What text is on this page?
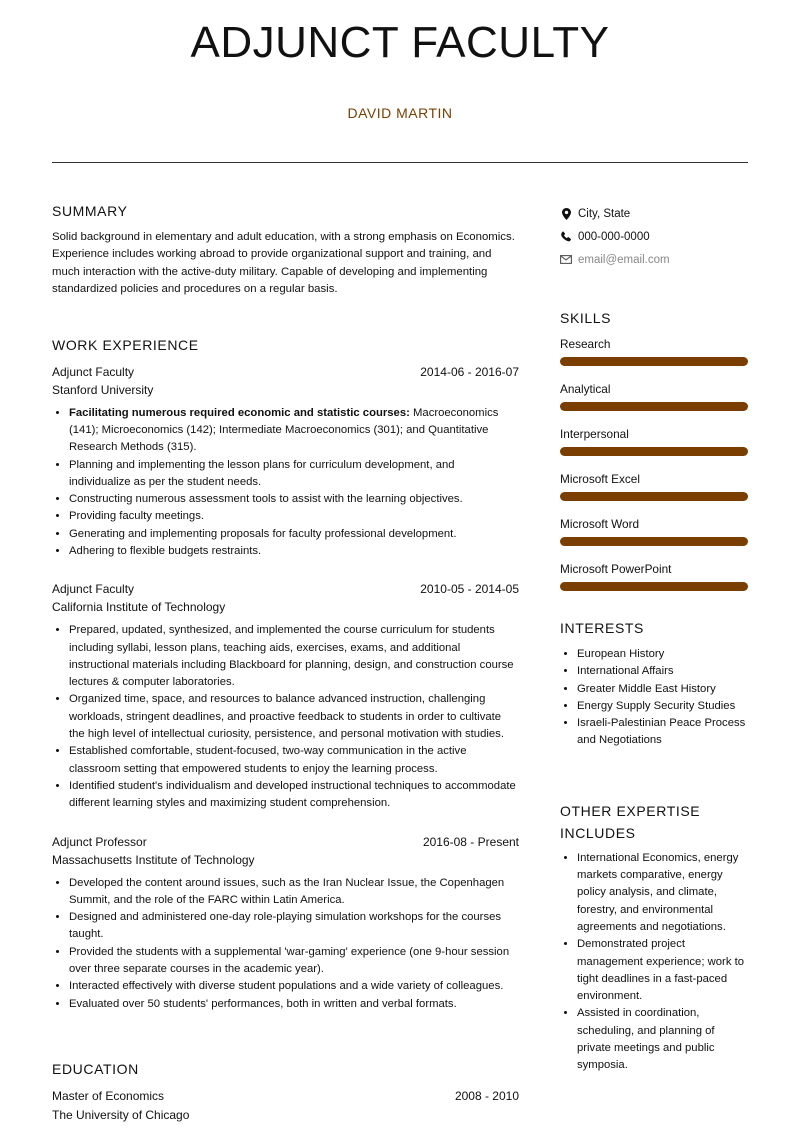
ADJUNCT FACULTY
DAVID MARTIN
SUMMARY

Solid background in elementary and adult education, with a strong emphasis on Economics. Experience includes working abroad to provide organizational support and training, and much interaction with the active-duty military. Capable of developing and implementing standardized policies and procedures on a regular basis.

WORK EXPERIENCE
Adjunct Faculty	2014-06 - 2016-07
Stanford University
• Facilitating numerous required economic and statistic courses: Macroeconomics (141); Microeconomics (142); Intermediate Macroeconomics (301); and Quantitative Research Methods (315).
• Planning and implementing the lesson plans for curriculum development, and individualize as per the student needs.
• Constructing numerous assessment tools to assist with the learning objectives.
• Providing faculty meetings.
• Generating and implementing proposals for faculty professional development.
• Adhering to flexible budgets restraints.
Adjunct Faculty	2010-05 - 2014-05
California Institute of Technology
• Prepared, updated, synthesized, and implemented the course curriculum for students including syllabi, lesson plans, teaching aids, exercises, exams, and additional instructional materials including Blackboard for planning, design, and construction course lectures & computer laboratories.
• Organized time, space, and resources to balance advanced instruction, challenging workloads, stringent deadlines, and proactive feedback to students in order to cultivate the high level of intellectual curiosity, persistence, and personal motivation with studies.
• Established comfortable, student-focused, two-way communication in the active classroom setting that empowered students to enjoy the learning process.
• Identified student's individualism and developed instructional techniques to accommodate different learning styles and maximizing student comprehension.
Adjunct Professor	2016-08 - Present
Massachusetts Institute of Technology
• Developed the content around issues, such as the Iran Nuclear Issue, the Copenhagen Summit, and the role of the FARC within Latin America.
• Designed and administered one-day role-playing simulation workshops for the courses taught.
• Provided the students with a supplemental 'war-gaming' experience (one 9-hour session over three separate courses in the academic year).
• Interacted effectively with diverse student populations and a wide variety of colleagues.
• Evaluated over 50 students' performances, both in written and verbal formats.
EDUCATION
Master of Economics	2008 - 2010
The University of Chicago
City, State
000-000-0000
email@email.com
SKILLS
Research
Analytical
Interpersonal
Microsoft Excel
Microsoft Word
Microsoft PowerPoint
INTERESTS
• European History
• International Affairs
• Greater Middle East History
• Energy Supply Security Studies
• Israeli-Palestinian Peace Process and Negotiations
OTHER EXPERTISE INCLUDES
• International Economics, energy markets comparative, energy policy analysis, and climate, forestry, and environmental agreements and negotiations.
• Demonstrated project management experience; work to tight deadlines in a fast-paced environment.
• Assisted in coordination, scheduling, and planning of private meetings and public symposia.
